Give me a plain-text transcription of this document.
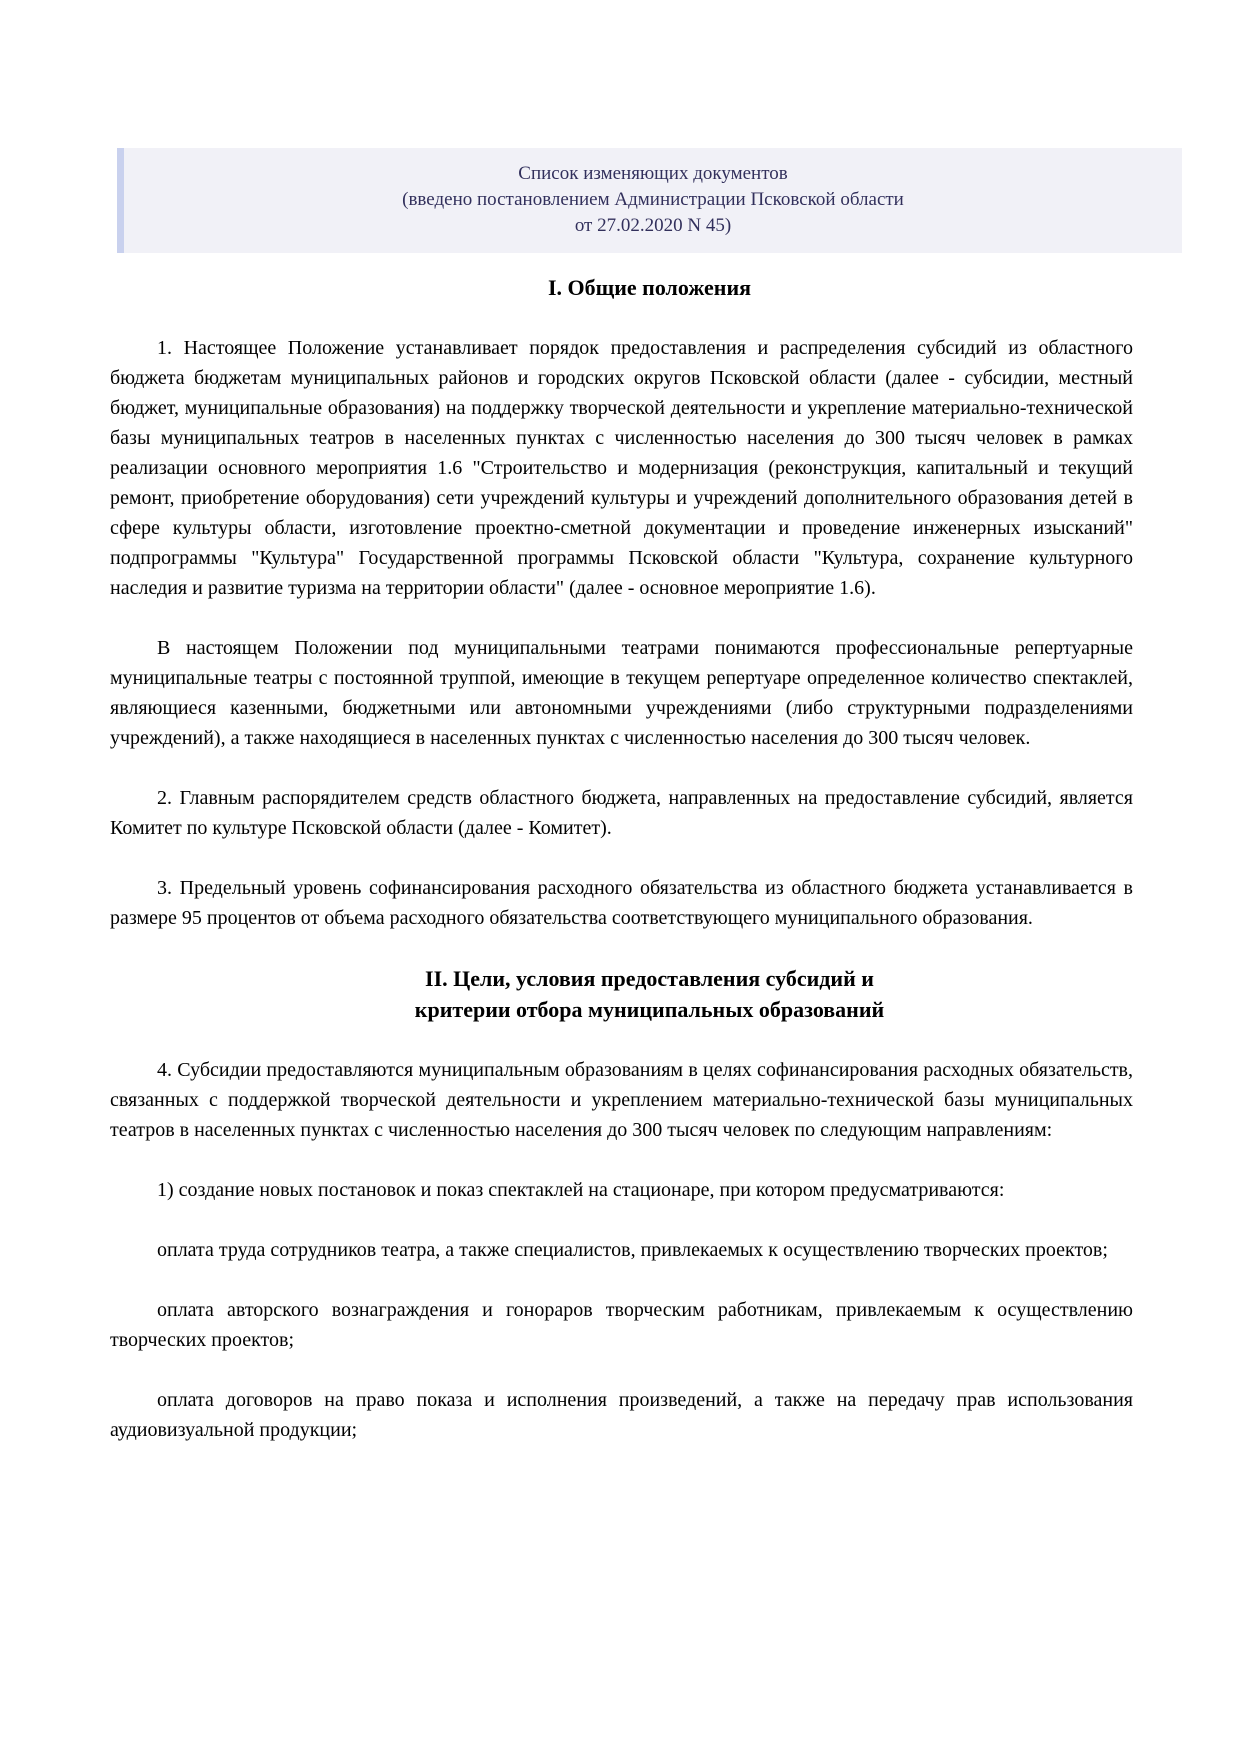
Список изменяющих документов
(введено постановлением Администрации Псковской области
от 27.02.2020 N 45)
I. Общие положения

1. Настоящее Положение устанавливает порядок предоставления и распределения субсидий из областного бюджета бюджетам муниципальных районов и городских округов Псковской области (далее - субсидии, местный бюджет, муниципальные образования) на поддержку творческой деятельности и укрепление материально-технической базы муниципальных театров в населенных пунктах с численностью населения до 300 тысяч человек в рамках реализации основного мероприятия 1.6 "Строительство и модернизация (реконструкция, капитальный и текущий ремонт, приобретение оборудования) сети учреждений культуры и учреждений дополнительного образования детей в сфере культуры области, изготовление проектно-сметной документации и проведение инженерных изысканий" подпрограммы "Культура" Государственной программы Псковской области "Культура, сохранение культурного наследия и развитие туризма на территории области" (далее - основное мероприятие 1.6).

В настоящем Положении под муниципальными театрами понимаются профессиональные репертуарные муниципальные театры с постоянной труппой, имеющие в текущем репертуаре определенное количество спектаклей, являющиеся казенными, бюджетными или автономными учреждениями (либо структурными подразделениями учреждений), а также находящиеся в населенных пунктах с численностью населения до 300 тысяч человек.

2. Главным распорядителем средств областного бюджета, направленных на предоставление субсидий, является Комитет по культуре Псковской области (далее - Комитет).

3. Предельный уровень софинансирования расходного обязательства из областного бюджета устанавливается в размере 95 процентов от объема расходного обязательства соответствующего муниципального образования.

II. Цели, условия предоставления субсидий и
критерии отбора муниципальных образований

4. Субсидии предоставляются муниципальным образованиям в целях софинансирования расходных обязательств, связанных с поддержкой творческой деятельности и укреплением материально-технической базы муниципальных театров в населенных пунктах с численностью населения до 300 тысяч человек по следующим направлениям:

1) создание новых постановок и показ спектаклей на стационаре, при котором предусматриваются:

оплата труда сотрудников театра, а также специалистов, привлекаемых к осуществлению творческих проектов;

оплата авторского вознаграждения и гонораров творческим работникам, привлекаемым к осуществлению творческих проектов;

оплата договоров на право показа и исполнения произведений, а также на передачу прав использования аудиовизуальной продукции;
